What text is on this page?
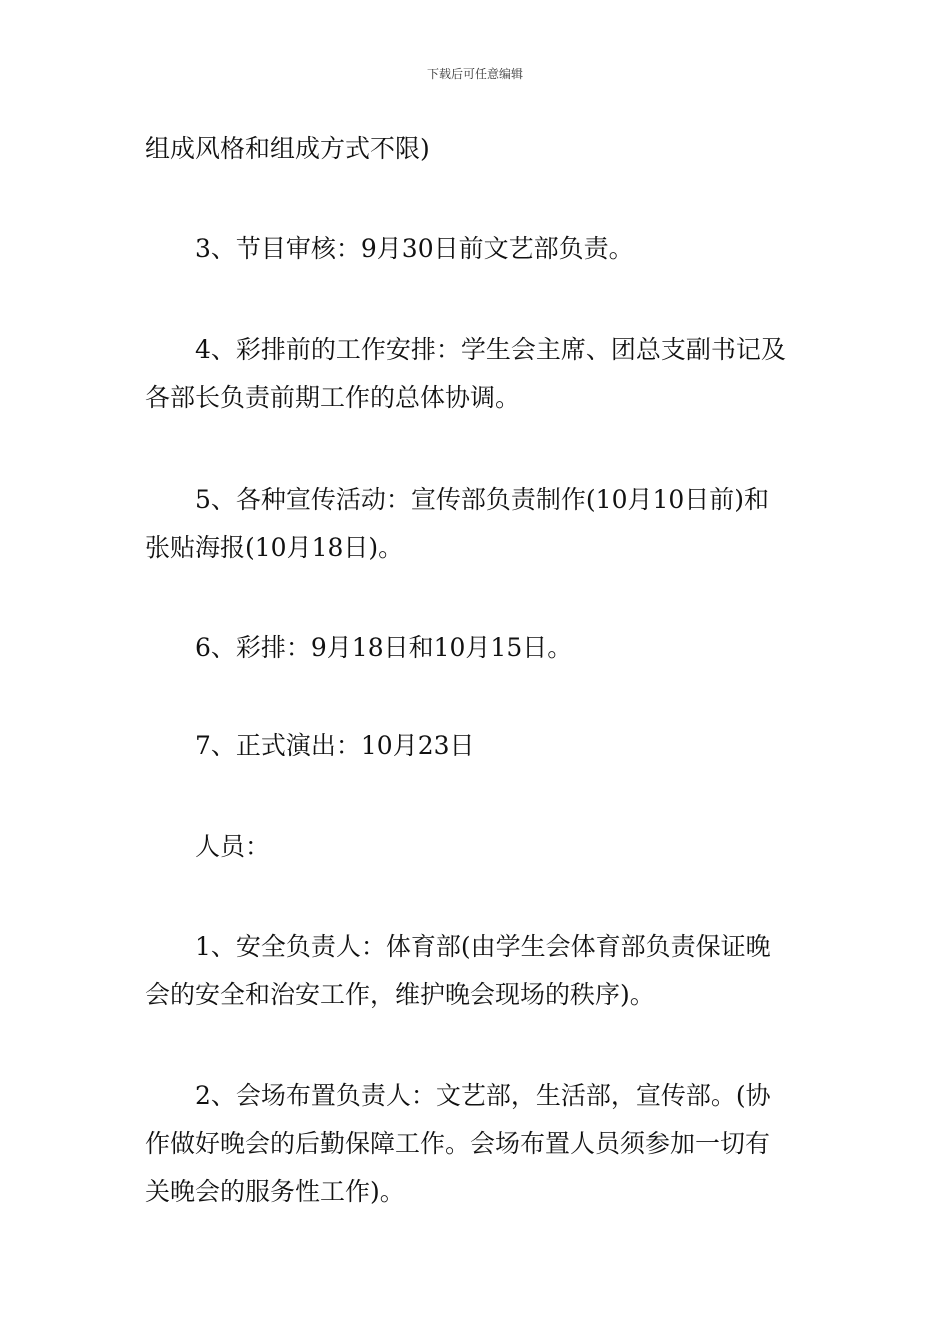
下载后可任意编辑
组成风格和组成方式不限)
　　3、节目审核：9月30日前文艺部负责。
　　4、彩排前的工作安排：学生会主席、团总支副书记及
各部长负责前期工作的总体协调。
　　5、各种宣传活动：宣传部负责制作(10月10日前)和
张贴海报(10月18日)。
　　6、彩排：9月18日和10月15日。
　　7、正式演出：10月23日
　　人员：
　　1、安全负责人：体育部(由学生会体育部负责保证晚
会的安全和治安工作，维护晚会现场的秩序)。
　　2、会场布置负责人：文艺部，生活部，宣传部。(协
作做好晚会的后勤保障工作。会场布置人员须参加一切有
关晚会的服务性工作)。
